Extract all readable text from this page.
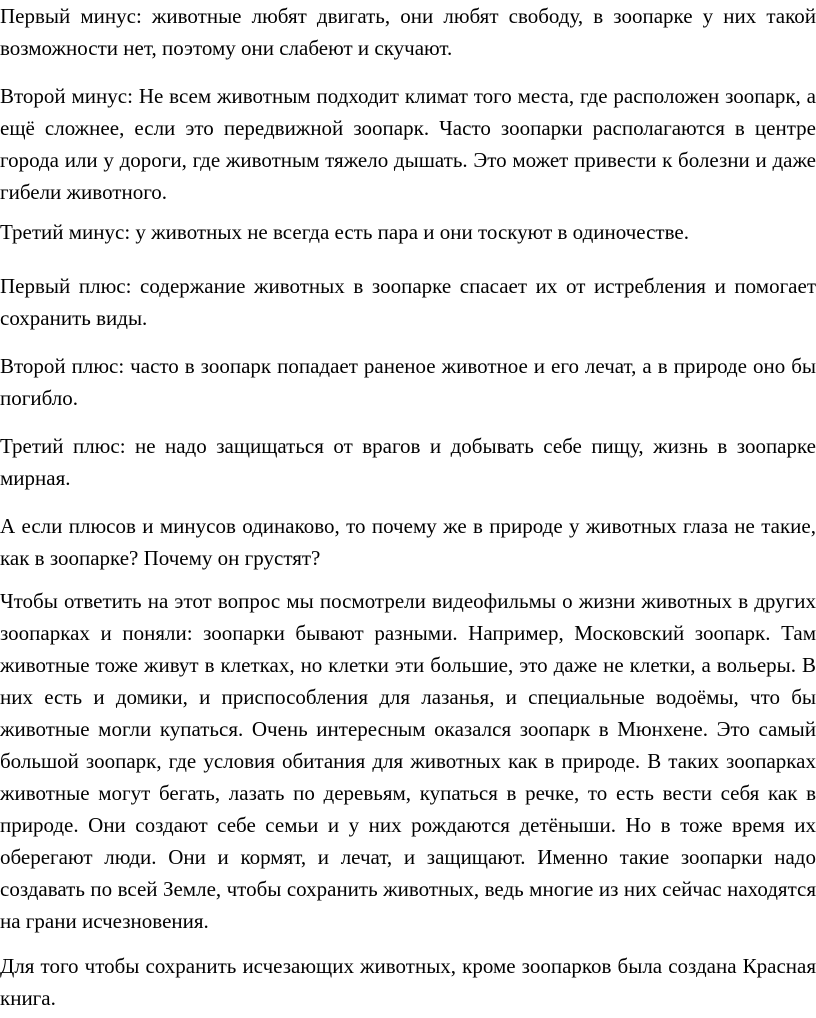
Первый минус: животные любят двигать, они любят свободу, в зоопарке у них такой возможности нет, поэтому они слабеют и скучают.

Второй минус: Не всем животным подходит климат того места, где расположен зоопарк, а ещё сложнее, если это передвижной зоопарк. Часто зоопарки располагаются в центре города или у дороги, где животным тяжело дышать. Это может привести к болезни и даже гибели животного.

Третий минус: у животных не всегда есть пара и они тоскуют в одиночестве.

Первый плюс: содержание животных в зоопарке спасает их от истребления и помогает сохранить виды.

Второй плюс: часто в зоопарк попадает раненое животное и его лечат, а в природе оно бы погибло.

Третий плюс: не надо защищаться от врагов и добывать себе пищу, жизнь в зоопарке мирная.

А если плюсов и минусов одинаково, то почему же в природе у животных глаза не такие, как в зоопарке? Почему он грустят?

Чтобы ответить на этот вопрос мы посмотрели видеофильмы о жизни животных в других зоопарках и поняли: зоопарки бывают разными. Например, Московский зоопарк. Там животные тоже живут в клетках, но клетки эти большие, это даже не клетки, а вольеры. В них есть и домики, и приспособления для лазанья, и специальные водоёмы, что бы животные могли купаться. Очень интересным оказался зоопарк в Мюнхене. Это самый большой зоопарк, где условия обитания для животных как в природе. В таких зоопарках животные могут бегать, лазать по деревьям, купаться в речке, то есть вести себя как в природе. Они создают себе семьи и у них рождаются детёныши. Но в тоже время их оберегают люди. Они и кормят, и лечат, и защищают. Именно такие зоопарки надо создавать по всей Земле, чтобы сохранить животных, ведь многие из них сейчас находятся на грани исчезновения.

Для того чтобы сохранить исчезающих животных, кроме зоопарков была создана Красная книга.
